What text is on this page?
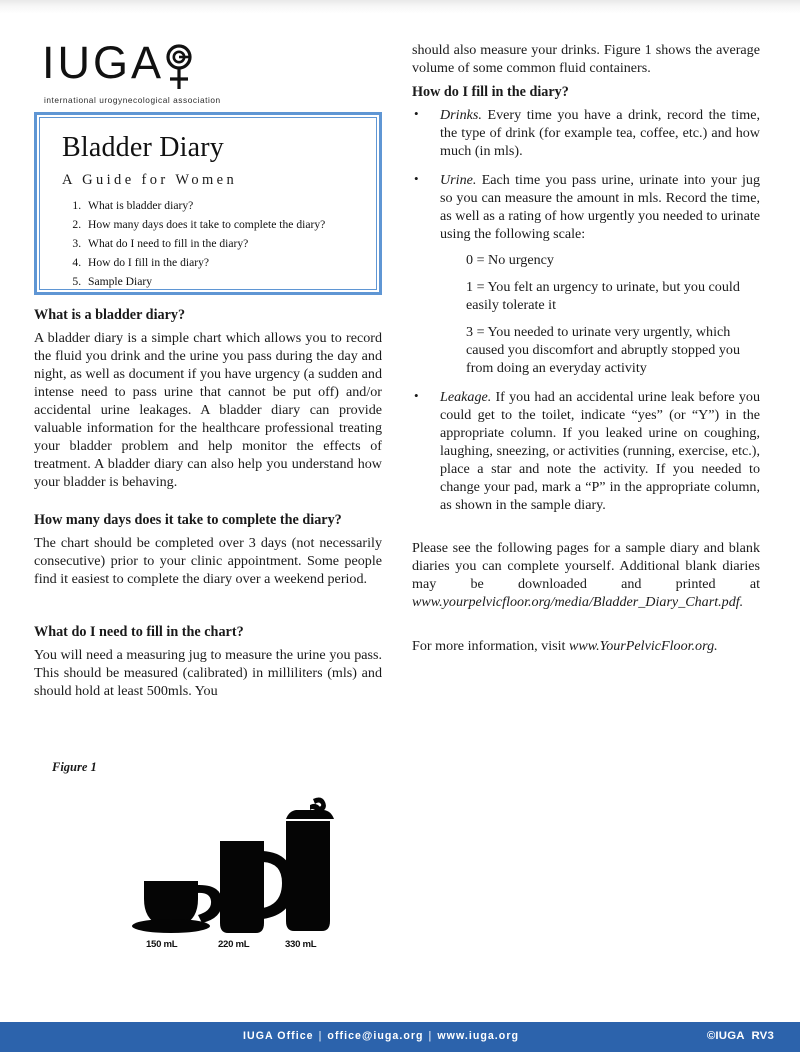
IUGA
international urogynecological association
Bladder Diary
A Guide for Women
1. What is bladder diary?
2. How many days does it take to complete the diary?
3. What do I need to fill in the diary?
4. How do I fill in the diary?
5. Sample Diary
What is a bladder diary?

A bladder diary is a simple chart which allows you to record the fluid you drink and the urine you pass during the day and night, as well as document if you have urgency (a sudden and intense need to pass urine that cannot be put off) and/or accidental urine leakages. A bladder diary can provide valuable information for the healthcare professional treating your bladder problem and help monitor the effects of treatment. A bladder diary can also help you understand how your bladder is behaving.

How many days does it take to complete the diary?

The chart should be completed over 3 days (not necessarily consecutive) prior to your clinic appointment. Some people find it easiest to complete the diary over a weekend period.

What do I need to fill in the chart?

You will need a measuring jug to measure the urine you pass. This should be measured (calibrated) in milliliters (mls) and should hold at least 500mls. You

should also measure your drinks. Figure 1 shows the average volume of some common fluid containers.

How do I fill in the diary?
• Drinks. Every time you have a drink, record the time, the type of drink (for example tea, coffee, etc.) and how much (in mls).
• Urine. Each time you pass urine, urinate into your jug so you can measure the amount in mls. Record the time, as well as a rating of how urgently you needed to urinate using the following scale:
0 = No urgency
1 = You felt an urgency to urinate, but you could easily tolerate it
3 = You needed to urinate very urgently, which caused you discomfort and abruptly stopped you from doing an everyday activity
• Leakage. If you had an accidental urine leak before you could get to the toilet, indicate “yes” (or “Y”) in the appropriate column. If you leaked urine on coughing, laughing, sneezing, or activities (running, exercise, etc.), place a star and note the activity. If you needed to change your pad, mark a “P” in the appropriate column, as shown in the sample diary.

Please see the following pages for a sample diary and blank diaries you can complete yourself. Additional blank diaries may be downloaded and printed at www.yourpelvicfloor.org/media/Bladder_Diary_Chart.pdf.

For more information, visit www.YourPelvicFloor.org.

Figure 1
150 mL	220 mL	330 mL
IUGA Office | office@iuga.org | www.iuga.org	©IUGA RV3
